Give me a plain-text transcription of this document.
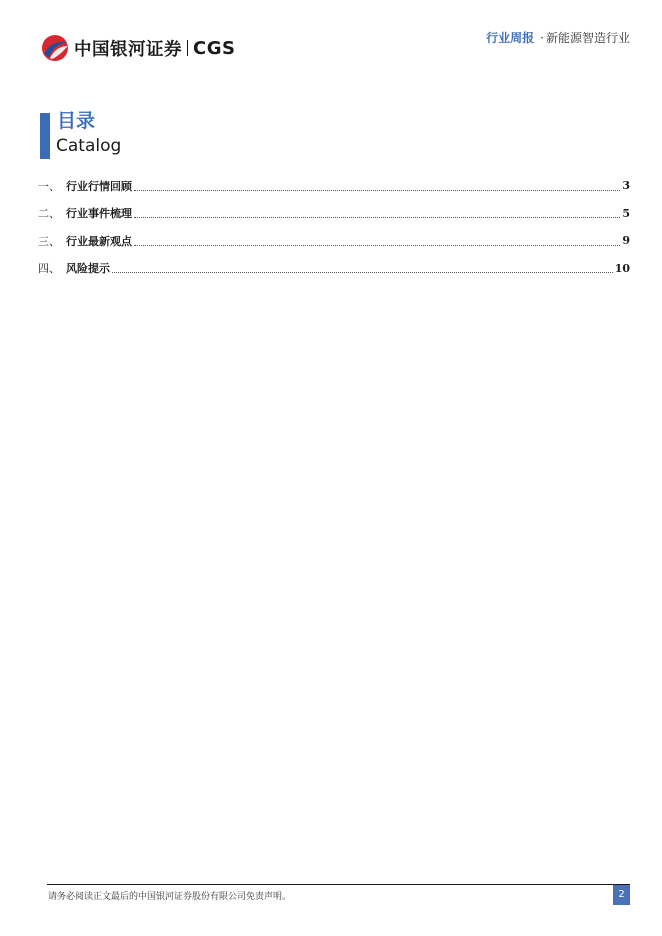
中国银河证券 CGS	行业周报 · 新能源智造行业
目录
Catalog
一、 行业行情回顾	3
二、 行业事件梳理	5
三、 行业最新观点	9
四、 风险提示	10
请务必阅读正文最后的中国银河证券股份有限公司免责声明。	2
